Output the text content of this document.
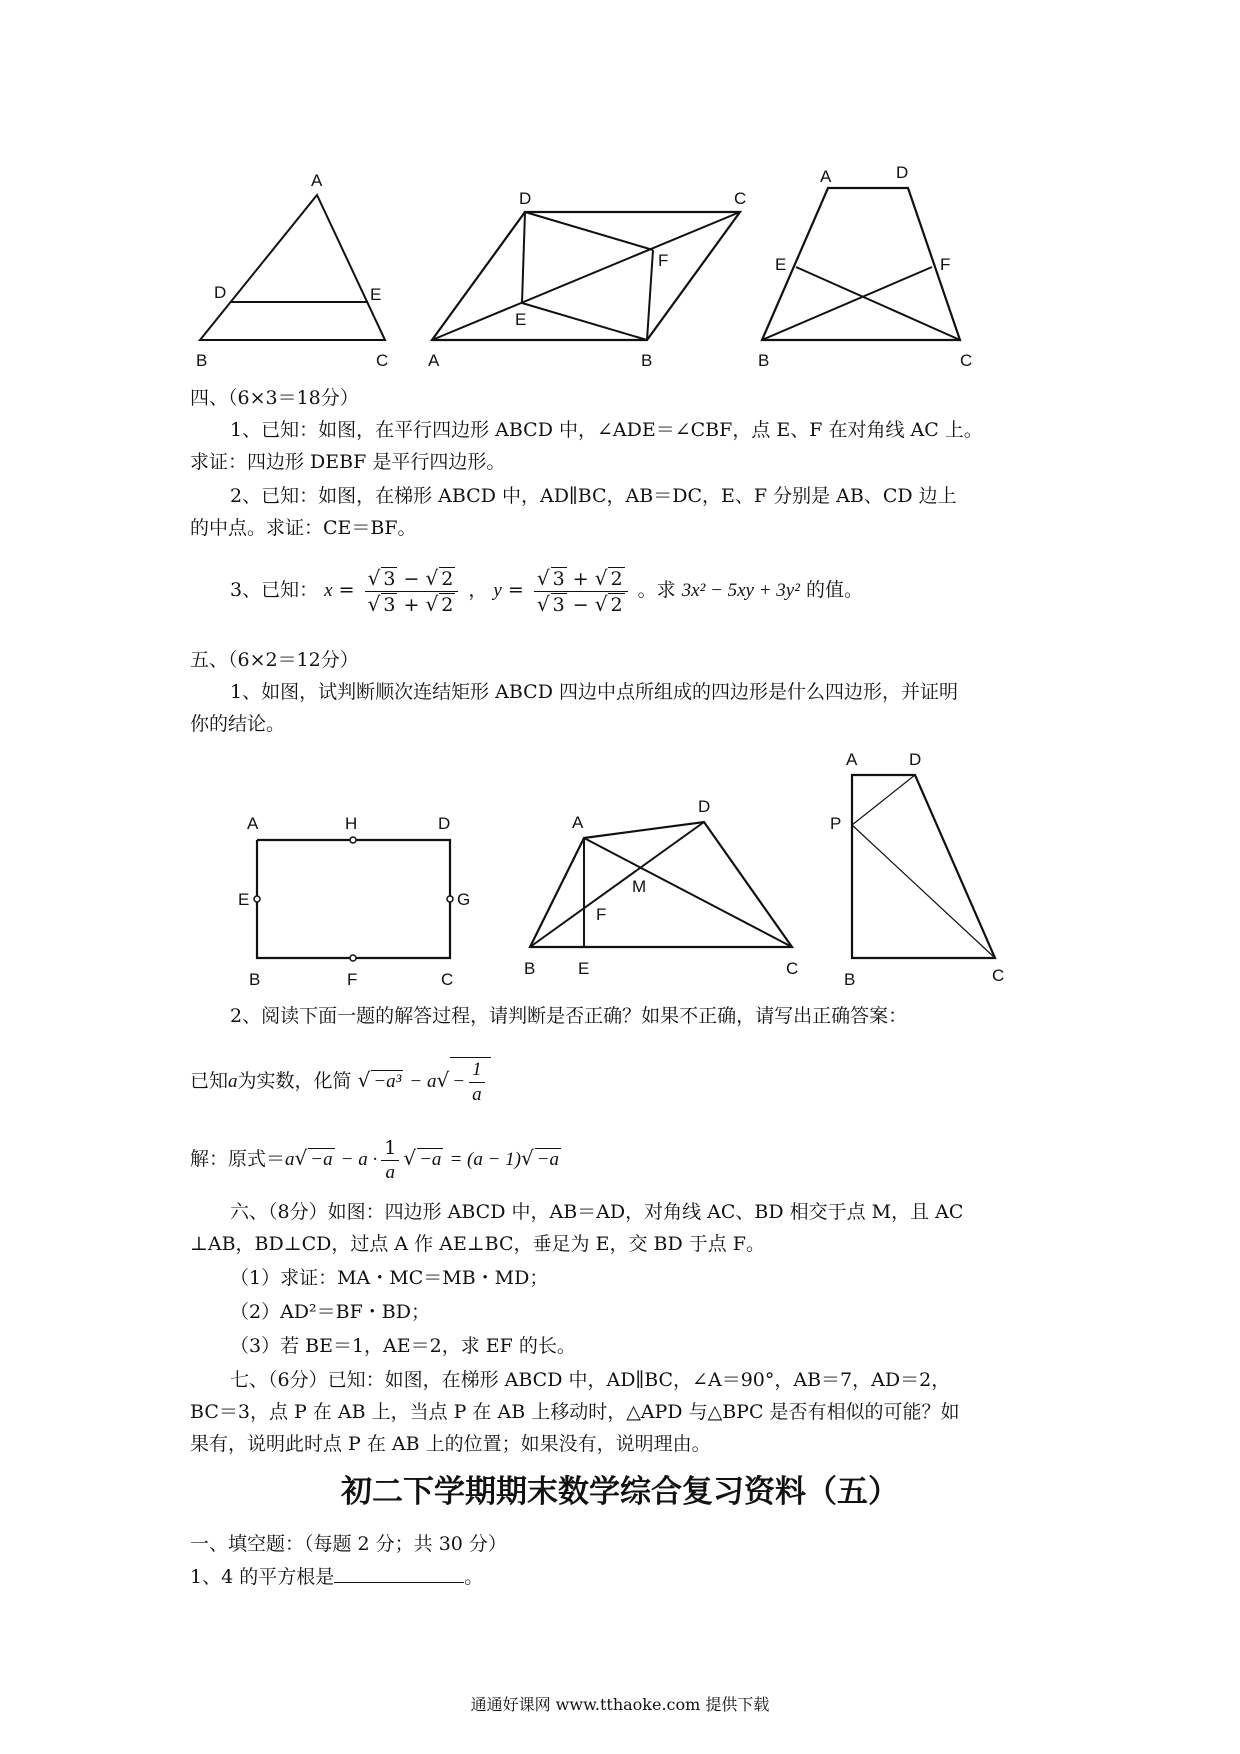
A
D	E
B	C
D	C
F
E
A	B
A	D
E	F
B	C
四、（6×3＝18分）
1、已知：如图，在平行四边形 ABCD 中，∠ADE＝∠CBF，点 E、F 在对角线 AC 上。
求证：四边形 DEBF 是平行四边形。
2、已知：如图，在梯形 ABCD 中，AD∥BC，AB＝DC，E、F 分别是 AB、CD 边上
的中点。求证：CE＝BF。
3、已知： $x = \frac{√ 3 - √ 2}{√ 3 + √ 2}$ ， $y = \frac{√ 3 + √ 2}{√ 3 - √ 2}$ 。求 3x² − 5xy + 3y² 的值。
五、（6×2＝12分）
1、如图，试判断顺次连结矩形 ABCD 四边中点所组成的四边形是什么四边形，并证明
你的结论。
A	H	D
E	G
B	F	C
A
D
M
F
B	E	C
A	D
P
B	C
2、阅读下面一题的解答过程，请判断是否正确？如果不正确，请写出正确答案：
已知a为实数，化简 √ $-a^3 - a√ - \frac{1}{a}$
解：原式$=a√ -a - a \cdot \frac{1}{a}$ √ −a = (a − 1)√ −a
六、（8分）如图：四边形 ABCD 中，AB＝AD，对角线 AC、BD 相交于点 M，且 AC
⊥AB，BD⊥CD，过点 A 作 AE⊥BC，垂足为 E，交 BD 于点 F。
（1）求证：MA・MC＝MB・MD；
（2）AD²＝BF・BD；
（3）若 BE＝1，AE＝2，求 EF 的长。
七、（6分）已知：如图，在梯形 ABCD 中，AD∥BC，∠A＝90°，AB＝7，AD＝2，
BC＝3，点 P 在 AB 上，当点 P 在 AB 上移动时，△APD 与△BPC 是否有相似的可能？如
果有，说明此时点 P 在 AB 上的位置；如果没有，说明理由。
初二下学期期末数学综合复习资料（五）
一、填空题：（每题 2 分；共 30 分）
1、4 的平方根是	。
通通好课网 www.tthaoke.com 提供下载
